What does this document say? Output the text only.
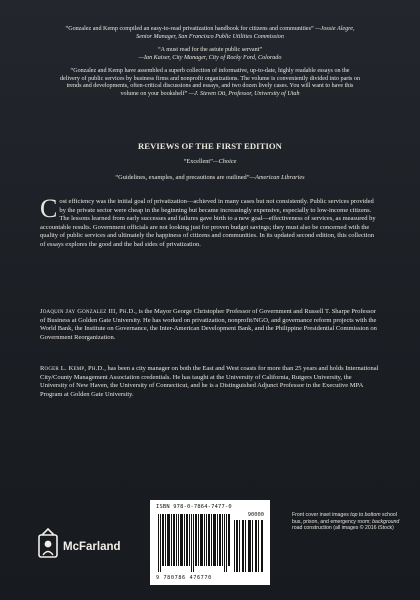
“Gonzalez and Kemp compiled an easy-to-read privatization handbook for citizens and communities” —Jossie Alegre, Senior Manager, San Francisco Public Utilities Commission

“A must read for the astute public servant”
—Ian Kaiser, City Manager, City of Rocky Ford, Colorado

“Gonzalez and Kemp have assembled a superb collection of informative, up-to-date, highly readable essays on the delivery of public services by business firms and nonprofit organizations. The volume is conveniently divided into parts on trends and developments, often-critical discussions and essays, and two dozen lively cases. You will want to have this volume on your bookshelf” —J. Steven Ott, Professor, University of Utah

REVIEWS OF THE FIRST EDITION
“Excellent”—Choice
“Guidelines, examples, and precautions are outlined”—American Libraries
Cost efficiency was the initial goal of privatization—achieved in many cases but not consistently. Public services provided by the private sector were cheap in the beginning but became increasingly expensive, especially to low-income citizens. The lessons learned from early successes and failures gave birth to a new goal—effectiveness of services, as measured by accountable results. Government officials are not looking just for proven budget savings; they must also be concerned with the quality of public services and ultimately the happiness of citizens and communities. In its updated second edition, this collection of essays explores the good and the bad sides of privatization.
Joaquin Jay Gonzalez III, Ph.D., is the Mayor George Christopher Professor of Government and Russell T. Sharpe Professor of Business at Golden Gate University. He has worked on privatization, nonprofit/NGO, and governance reform projects with the World Bank, the Institute on Governance, the Inter-American Development Bank, and the Philippine Presidential Commission on Government Reorganization.
Roger L. Kemp, Ph.D., has been a city manager on both the East and West coasts for more than 25 years and holds International City/County Management Association credentials. He has taught at the University of California, Rutgers University, the University of New Haven, the University of Connecticut, and he is a Distinguished Adjunct Professor in the Executive MPA Program at Golden Gate University.
McFarland
ISBN 978-0-7864-7477-0
90000
9 780786 476770
Front cover inset images top to bottom school bus, prison, and emergency room; background road construction (all images © 2016 iStock)
